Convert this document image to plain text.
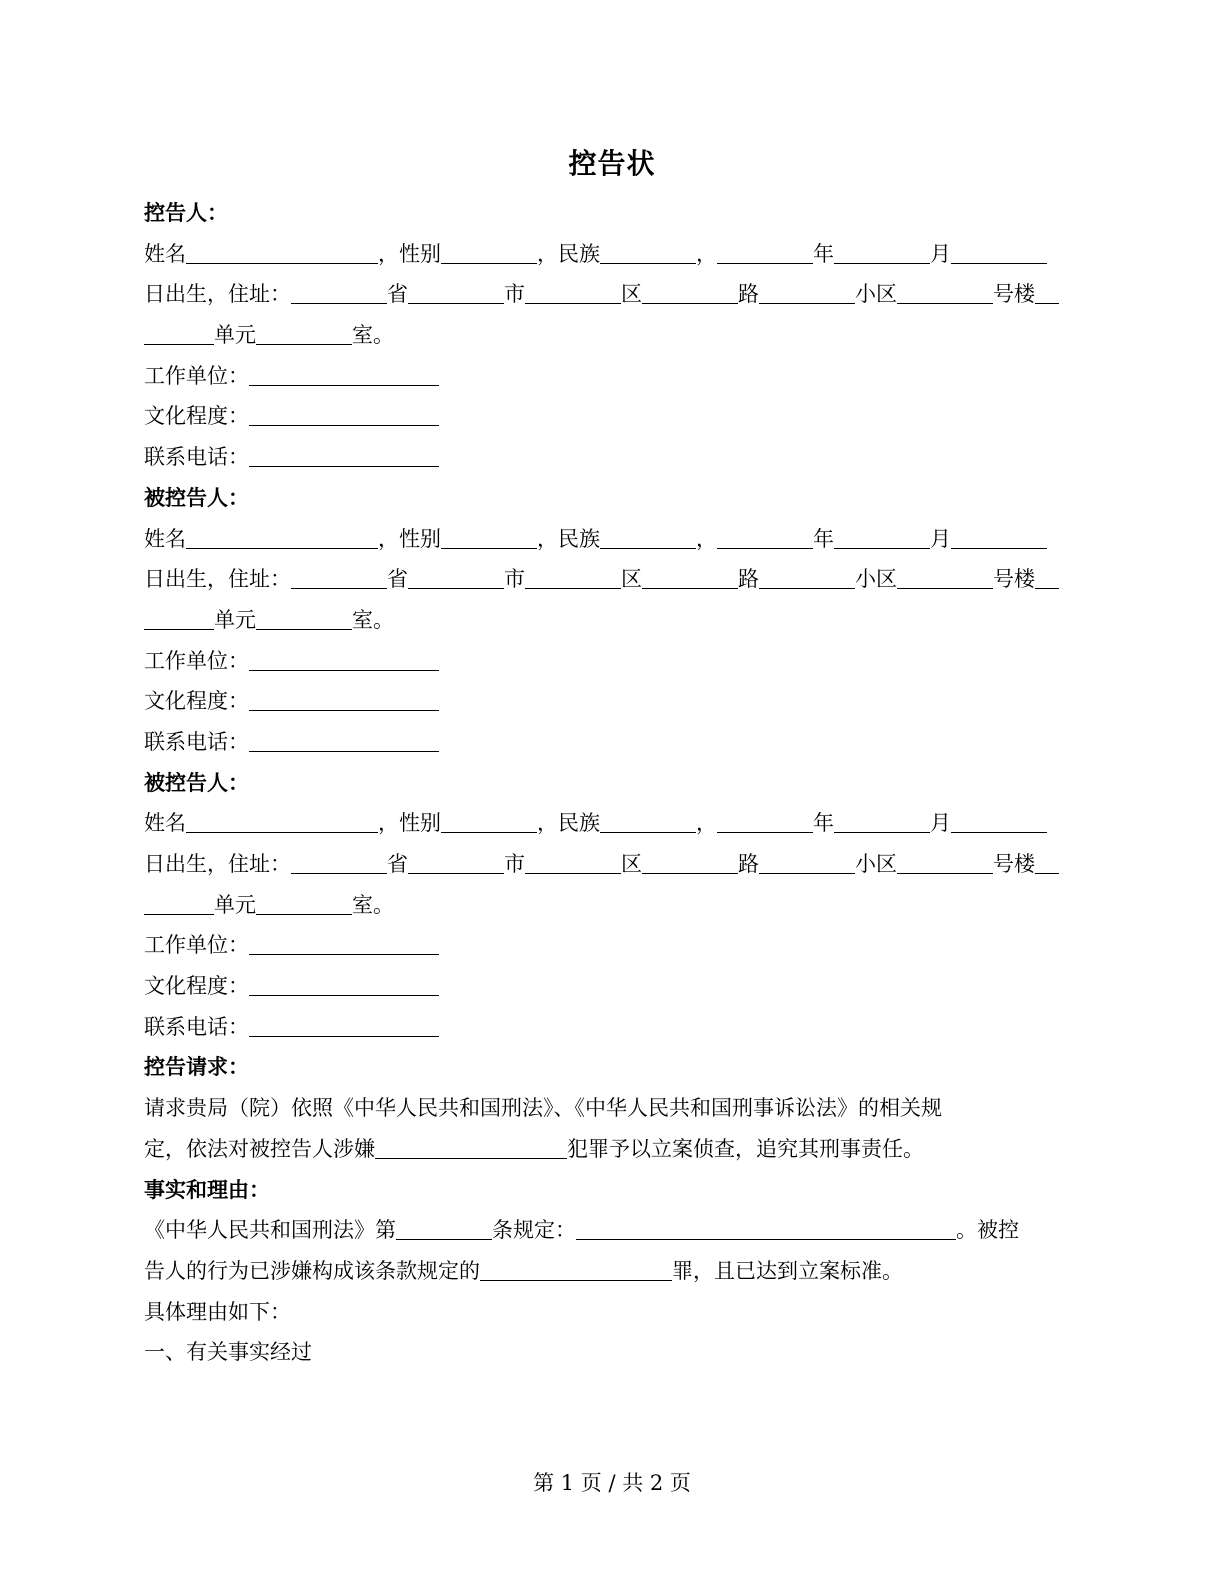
控告状
控告人：
姓名	，性别	，民族	，	年	月
日出生，住址：	省	市	区	路	小区	号楼
单元	室。
工作单位：
文化程度：
联系电话：
被控告人：
姓名	，性别	，民族	，	年	月
日出生，住址：	省	市	区	路	小区	号楼
单元	室。
工作单位：
文化程度：
联系电话：
被控告人：
姓名	，性别	，民族	，	年	月
日出生，住址：	省	市	区	路	小区	号楼
单元	室。
工作单位：
文化程度：
联系电话：
控告请求：
请求贵局（院）依照《中华人民共和国刑法》、《中华人民共和国刑事诉讼法》的相关规
定，依法对被控告人涉嫌	犯罪予以立案侦查，追究其刑事责任。
事实和理由：
《中华人民共和国刑法》第	条规定：	。被控
告人的行为已涉嫌构成该条款规定的	罪，且已达到立案标准。
具体理由如下：
一、有关事实经过
第 1 页 / 共 2 页
